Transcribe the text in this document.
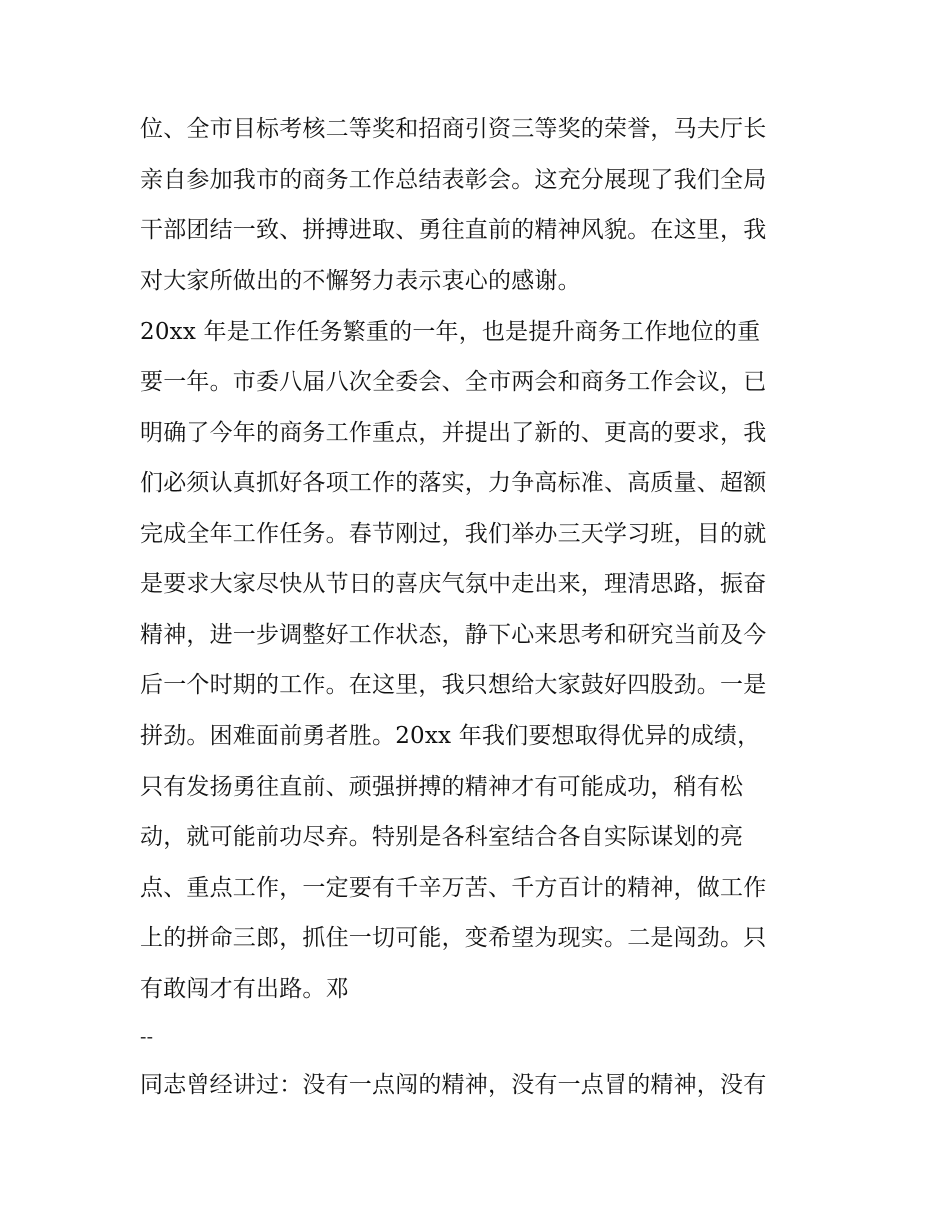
位、全市目标考核二等奖和招商引资三等奖的荣誉，马夫厅长
亲自参加我市的商务工作总结表彰会。这充分展现了我们全局
干部团结一致、拼搏进取、勇往直前的精神风貌。在这里，我
对大家所做出的不懈努力表示衷心的感谢。
20xx 年是工作任务繁重的一年，也是提升商务工作地位的重
要一年。市委八届八次全委会、全市两会和商务工作会议，已
明确了今年的商务工作重点，并提出了新的、更高的要求，我
们必须认真抓好各项工作的落实，力争高标准、高质量、超额
完成全年工作任务。春节刚过，我们举办三天学习班，目的就
是要求大家尽快从节日的喜庆气氛中走出来，理清思路，振奋
精神，进一步调整好工作状态，静下心来思考和研究当前及今
后一个时期的工作。在这里，我只想给大家鼓好四股劲。一是
拼劲。困难面前勇者胜。20xx 年我们要想取得优异的成绩，
只有发扬勇往直前、顽强拼搏的精神才有可能成功，稍有松
动，就可能前功尽弃。特别是各科室结合各自实际谋划的亮
点、重点工作，一定要有千辛万苦、千方百计的精神，做工作
上的拼命三郎，抓住一切可能，变希望为现实。二是闯劲。只
有敢闯才有出路。邓
--
同志曾经讲过：没有一点闯的精神，没有一点冒的精神，没有
